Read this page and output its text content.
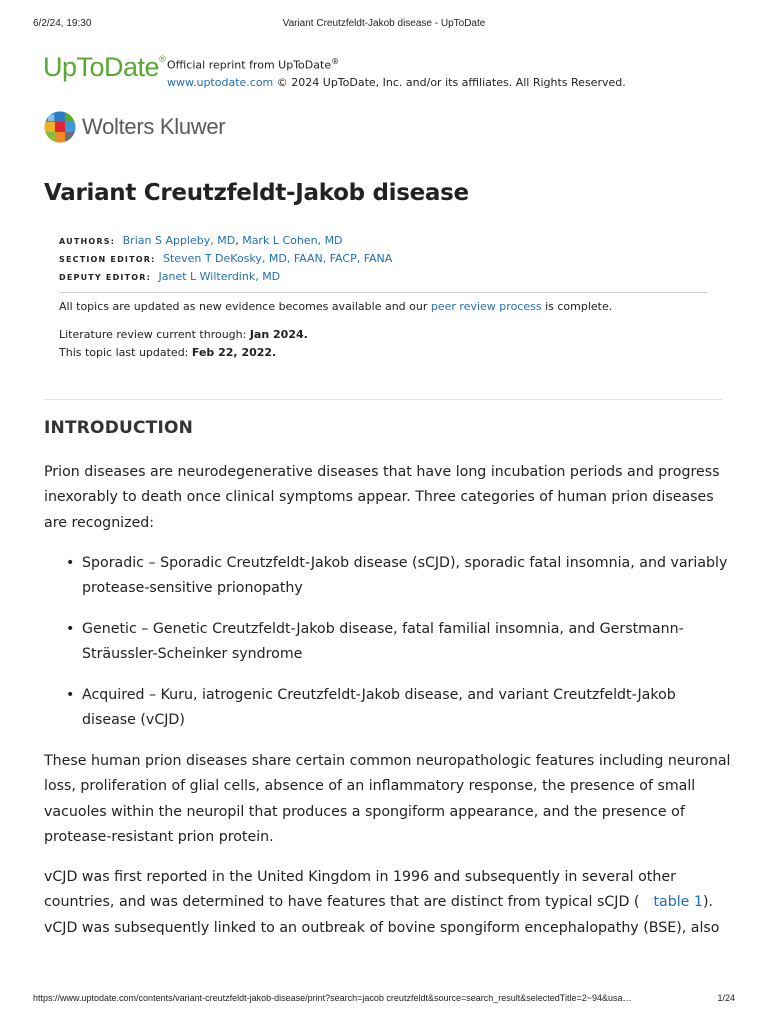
6/2/24, 19:30	Variant Creutzfeldt-Jakob disease - UpToDate
UpToDate® Official reprint from UpToDate®
www.uptodate.com © 2024 UpToDate, Inc. and/or its affiliates. All Rights Reserved.
Wolters Kluwer
Variant Creutzfeldt-Jakob disease
AUTHORS: Brian S Appleby, MD, Mark L Cohen, MD
SECTION EDITOR: Steven T DeKosky, MD, FAAN, FACP, FANA
DEPUTY EDITOR: Janet L Wilterdink, MD
All topics are updated as new evidence becomes available and our peer review process is complete.
Literature review current through: Jan 2024.
This topic last updated: Feb 22, 2022.
INTRODUCTION

Prion diseases are neurodegenerative diseases that have long incubation periods and progress inexorably to death once clinical symptoms appear. Three categories of human prion diseases are recognized:

• Sporadic – Sporadic Creutzfeldt-Jakob disease (sCJD), sporadic fatal insomnia, and variably protease-sensitive prionopathy
• Genetic – Genetic Creutzfeldt-Jakob disease, fatal familial insomnia, and Gerstmann-Sträussler-Scheinker syndrome
• Acquired – Kuru, iatrogenic Creutzfeldt-Jakob disease, and variant Creutzfeldt-Jakob disease (vCJD)

These human prion diseases share certain common neuropathologic features including neuronal loss, proliferation of glial cells, absence of an inflammatory response, the presence of small vacuoles within the neuropil that produces a spongiform appearance, and the presence of protease-resistant prion protein.

vCJD was first reported in the United Kingdom in 1996 and subsequently in several other countries, and was determined to have features that are distinct from typical sCJD ( table 1). vCJD was subsequently linked to an outbreak of bovine spongiform encephalopathy (BSE), also

https://www.uptodate.com/contents/variant-creutzfeldt-jakob-disease/print?search=jacob creutzfeldt&source=search_result&selectedTitle=2~94&usa…	1/24
